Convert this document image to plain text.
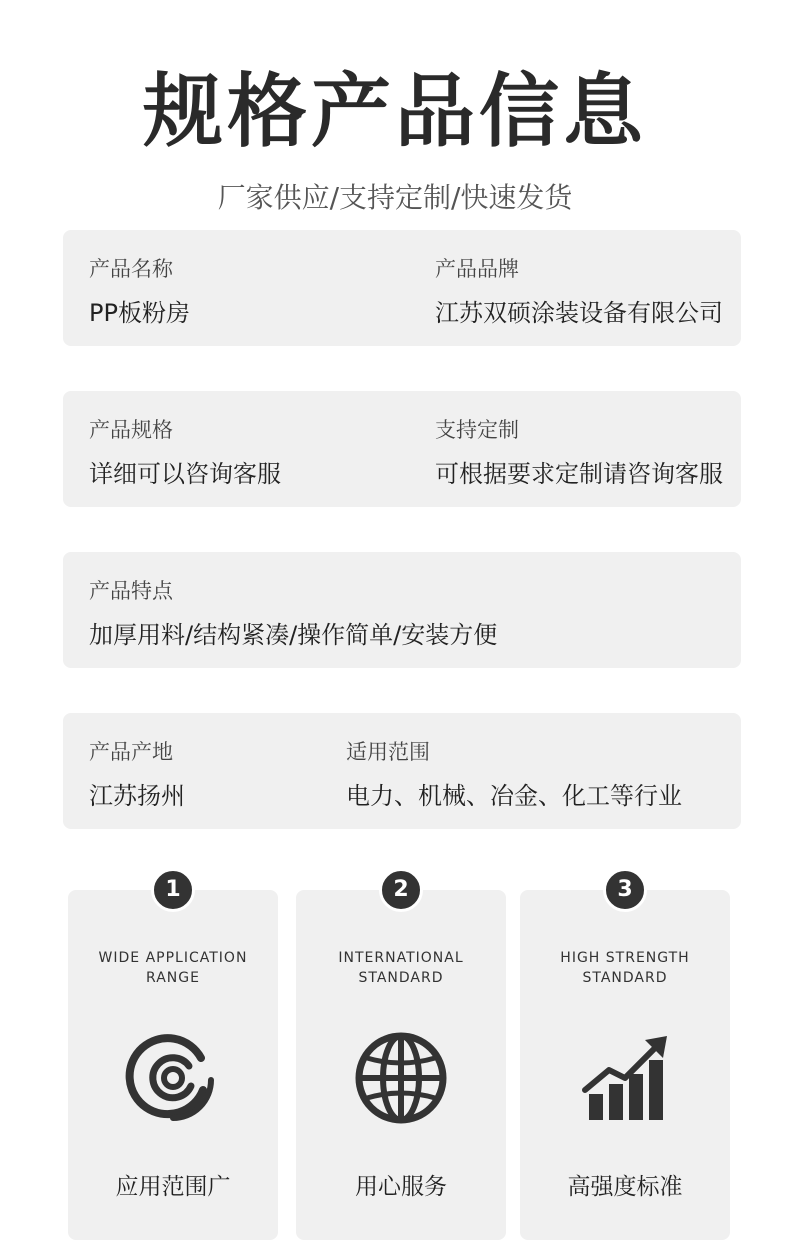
规格产品信息
厂家供应/支持定制/快速发货
产品名称
PP板粉房
产品品牌
江苏双硕涂装设备有限公司
产品规格
详细可以咨询客服
支持定制
可根据要求定制请咨询客服
产品特点
加厚用料/结构紧凑/操作简单/安装方便
产品产地
江苏扬州
适用范围
电力、机械、冶金、化工等行业
1
WIDE APPLICATION
RANGE
应用范围广
2
INTERNATIONAL
STANDARD
用心服务
3
HIGH STRENGTH
STANDARD
高强度标准
